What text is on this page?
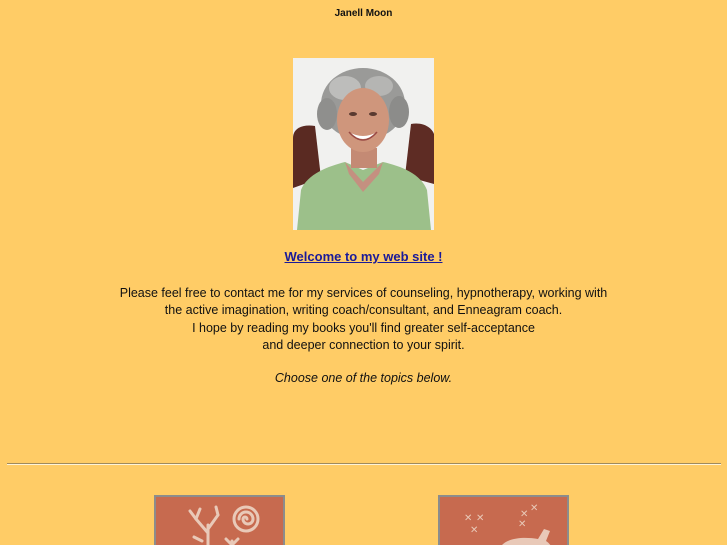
Janell Moon
Welcome to my web site !
Please feel free to contact me for my services of counseling, hypnotherapy, working with
the active imagination, writing coach/consultant, and Enneagram coach.
I hope by reading my books you'll find greater self-acceptance
and deeper connection to your spirit.
Choose one of the topics below.
✕ ✕
✕
✕
✕
✕
